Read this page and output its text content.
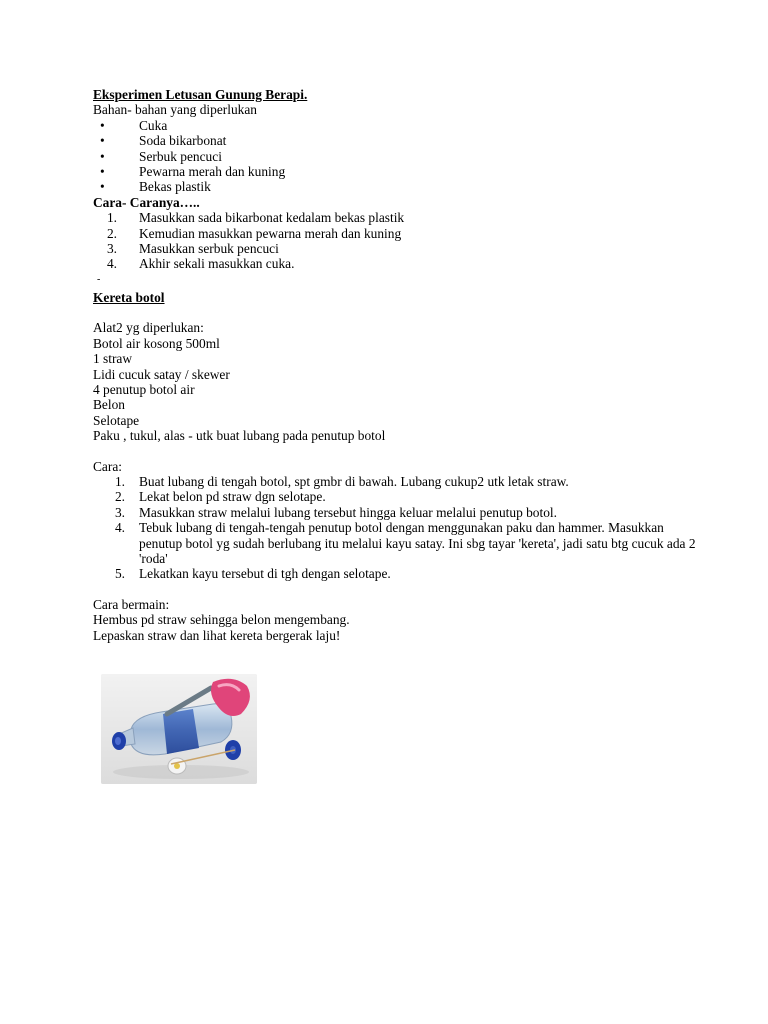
Eksperimen Letusan Gunung Berapi.
Bahan- bahan yang diperlukan
•	Cuka
•	Soda bikarbonat
•	Serbuk pencuci
•	Pewarna merah dan kuning
•	Bekas plastik
Cara- Caranya…..
1.	Masukkan sada bikarbonat kedalam bekas plastik
2.	Kemudian masukkan pewarna merah dan kuning
3.	Masukkan serbuk pencuci
4.	Akhir sekali masukkan cuka.
-
Kereta botol
Alat2 yg diperlukan:
Botol air kosong 500ml
1 straw
Lidi cucuk satay / skewer
4 penutup botol air
Belon
Selotape
Paku , tukul, alas - utk buat lubang pada penutup botol
Cara:
1.	Buat lubang di tengah botol, spt gmbr di bawah. Lubang cukup2 utk letak straw.
2.	Lekat belon pd straw dgn selotape.
3.	Masukkan straw melalui lubang tersebut hingga keluar melalui penutup botol.
4.	Tebuk lubang di tengah-tengah penutup botol dengan menggunakan paku dan hammer. Masukkan penutup botol yg sudah berlubang itu melalui kayu satay. Ini sbg tayar 'kereta', jadi satu btg cucuk ada 2 'roda'
5.	Lekatkan kayu tersebut di tgh dengan selotape.
Cara bermain:
Hembus pd straw sehingga belon mengembang.
Lepaskan straw dan lihat kereta bergerak laju!
